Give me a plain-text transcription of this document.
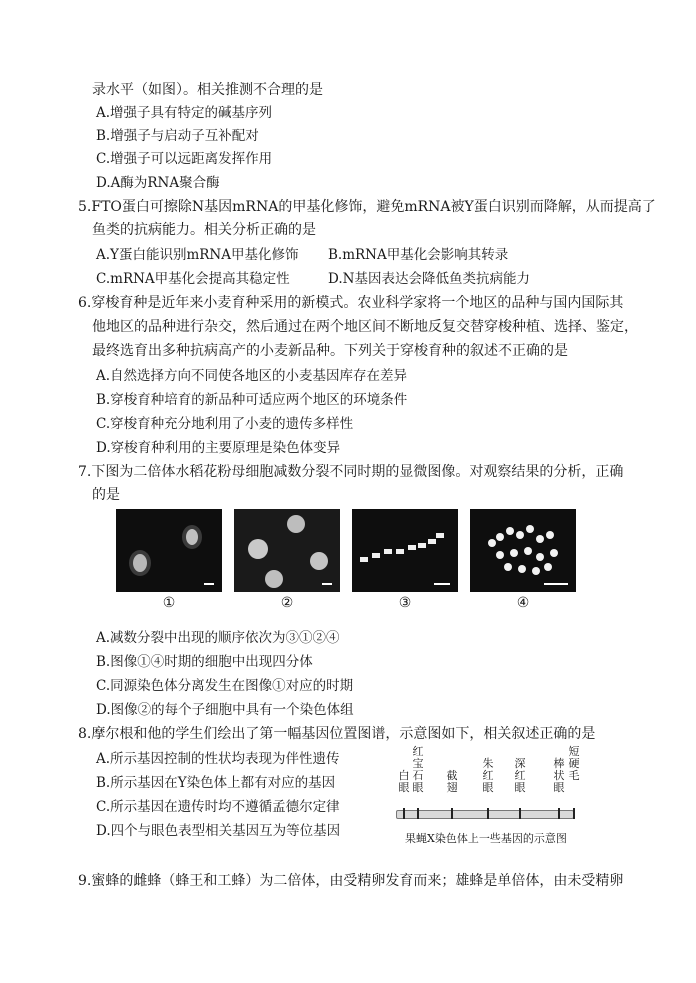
录水平（如图）。相关推测不合理的是
A.增强子具有特定的碱基序列
B.增强子与启动子互补配对
C.增强子可以远距离发挥作用
D.A酶为RNA聚合酶
5.FTO蛋白可擦除N基因mRNA的甲基化修饰，避免mRNA被Y蛋白识别而降解，从而提高了
鱼类的抗病能力。相关分析正确的是
A.Y蛋白能识别mRNA甲基化修饰 B.mRNA甲基化会影响其转录
C.mRNA甲基化会提高其稳定性	D.N基因表达会降低鱼类抗病能力
6.穿梭育种是近年来小麦育种采用的新模式。农业科学家将一个地区的品种与国内国际其
他地区的品种进行杂交，然后通过在两个地区间不断地反复交替穿梭种植、选择、鉴定，
最终选育出多种抗病高产的小麦新品种。下列关于穿梭育种的叙述不正确的是
A.自然选择方向不同使各地区的小麦基因库存在差异
B.穿梭育种培育的新品种可适应两个地区的环境条件
C.穿梭育种充分地利用了小麦的遗传多样性
D.穿梭育种利用的主要原理是染色体变异
7.下图为二倍体水稻花粉母细胞减数分裂不同时期的显微图像。对观察结果的分析，正确
的是
①	②	③	④
A.减数分裂中出现的顺序依次为③①②④
B.图像①④时期的细胞中出现四分体
C.同源染色体分离发生在图像①对应的时期
D.图像②的每个子细胞中具有一个染色体组
8.摩尔根和他的学生们绘出了第一幅基因位置图谱，示意图如下，相关叙述正确的是
A.所示基因控制的性状均表现为伴性遗传
B.所示基因在Y染色体上都有对应的基因
C.所示基因在遗传时均不遵循孟德尔定律
D.四个与眼色表型相关基因互为等位基因
白眼
红宝石眼
截翅
朱红眼
深红眼
棒状眼
短硬毛
果蝇X染色体上一些基因的示意图
9.蜜蜂的雌蜂（蜂王和工蜂）为二倍体，由受精卵发育而来；雄蜂是单倍体，由未受精卵
